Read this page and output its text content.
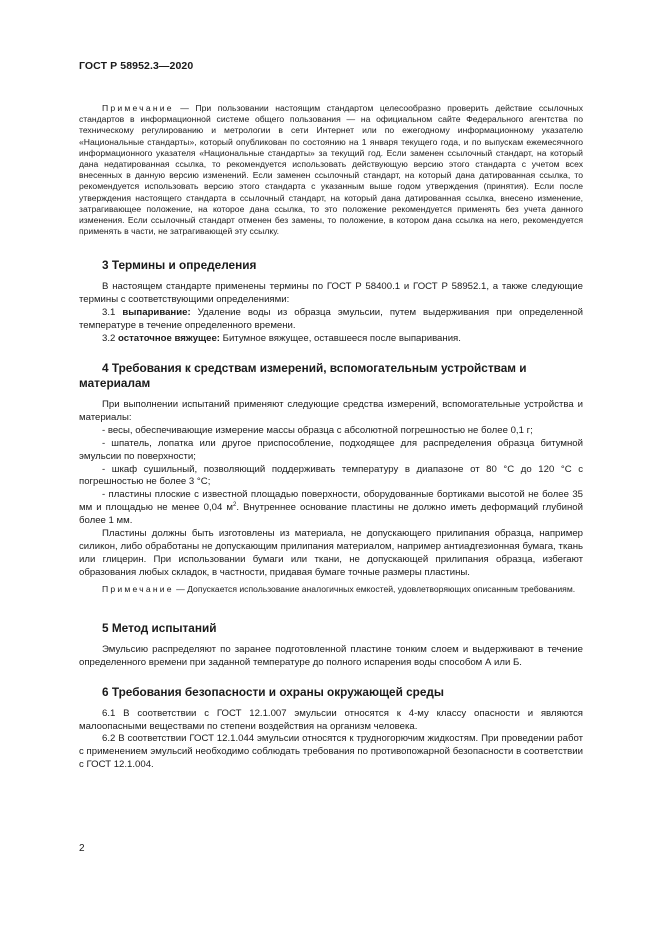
ГОСТ Р 58952.3—2020

Примечание — При пользовании настоящим стандартом целесообразно проверить действие ссылочных стандартов в информационной системе общего пользования — на официальном сайте Федерального агентства по техническому регулированию и метрологии в сети Интернет или по ежегодному информационному указателю «Национальные стандарты», который опубликован по состоянию на 1 января текущего года, и по выпускам ежемесячного информационного указателя «Национальные стандарты» за текущий год. Если заменен ссылочный стандарт, на который дана недатированная ссылка, то рекомендуется использовать действующую версию этого стандарта с учетом всех внесенных в данную версию изменений. Если заменен ссылочный стандарт, на который дана датированная ссылка, то рекомендуется использовать версию этого стандарта с указанным выше годом утверждения (принятия). Если после утверждения настоящего стандарта в ссылочный стандарт, на который дана датированная ссылка, внесено изменение, затрагивающее положение, на которое дана ссылка, то это положение рекомендуется применять без учета данного изменения. Если ссылочный стандарт отменен без замены, то положение, в котором дана ссылка на него, рекомендуется применять в части, не затрагивающей эту ссылку.

3 Термины и определения

В настоящем стандарте применены термины по ГОСТ Р 58400.1 и ГОСТ Р 58952.1, а также следующие термины с соответствующими определениями:

3.1 выпаривание: Удаление воды из образца эмульсии, путем выдерживания при определенной температуре в течение определенного времени.

3.2 остаточное вяжущее: Битумное вяжущее, оставшееся после выпаривания.

4 Требования к средствам измерений, вспомогательным устройствам и материалам

При выполнении испытаний применяют следующие средства измерений, вспомогательные устройства и материалы:

- весы, обеспечивающие измерение массы образца с абсолютной погрешностью не более 0,1 г;

- шпатель, лопатка или другое приспособление, подходящее для распределения образца битумной эмульсии по поверхности;

- шкаф сушильный, позволяющий поддерживать температуру в диапазоне от 80 °С до 120 °С с погрешностью не более 3 °С;

- пластины плоские с известной площадью поверхности, оборудованные бортиками высотой не более 35 мм и площадью не менее 0,04 $м^2$. Внутреннее основание пластины не должно иметь деформаций глубиной более 1 мм.

Пластины должны быть изготовлены из материала, не допускающего прилипания образца, например силикон, либо обработаны не допускающим прилипания материалом, например антиадгезионная бумага, ткань или глицерин. При использовании бумаги или ткани, не допускающей прилипания образца, избегают образования любых складок, в частности, придавая бумаге точные размеры пластины.

Примечание — Допускается использование аналогичных емкостей, удовлетворяющих описанным требованиям.

5 Метод испытаний

Эмульсию распределяют по заранее подготовленной пластине тонким слоем и выдерживают в течение определенного времени при заданной температуре до полного испарения воды способом А или Б.

6 Требования безопасности и охраны окружающей среды

6.1 В соответствии с ГОСТ 12.1.007 эмульсии относятся к 4-му классу опасности и являются малоопасными веществами по степени воздействия на организм человека.

6.2 В соответствии ГОСТ 12.1.044 эмульсии относятся к трудногорючим жидкостям. При проведении работ с применением эмульсий необходимо соблюдать требования по противопожарной безопасности в соответствии с ГОСТ 12.1.004.

2
